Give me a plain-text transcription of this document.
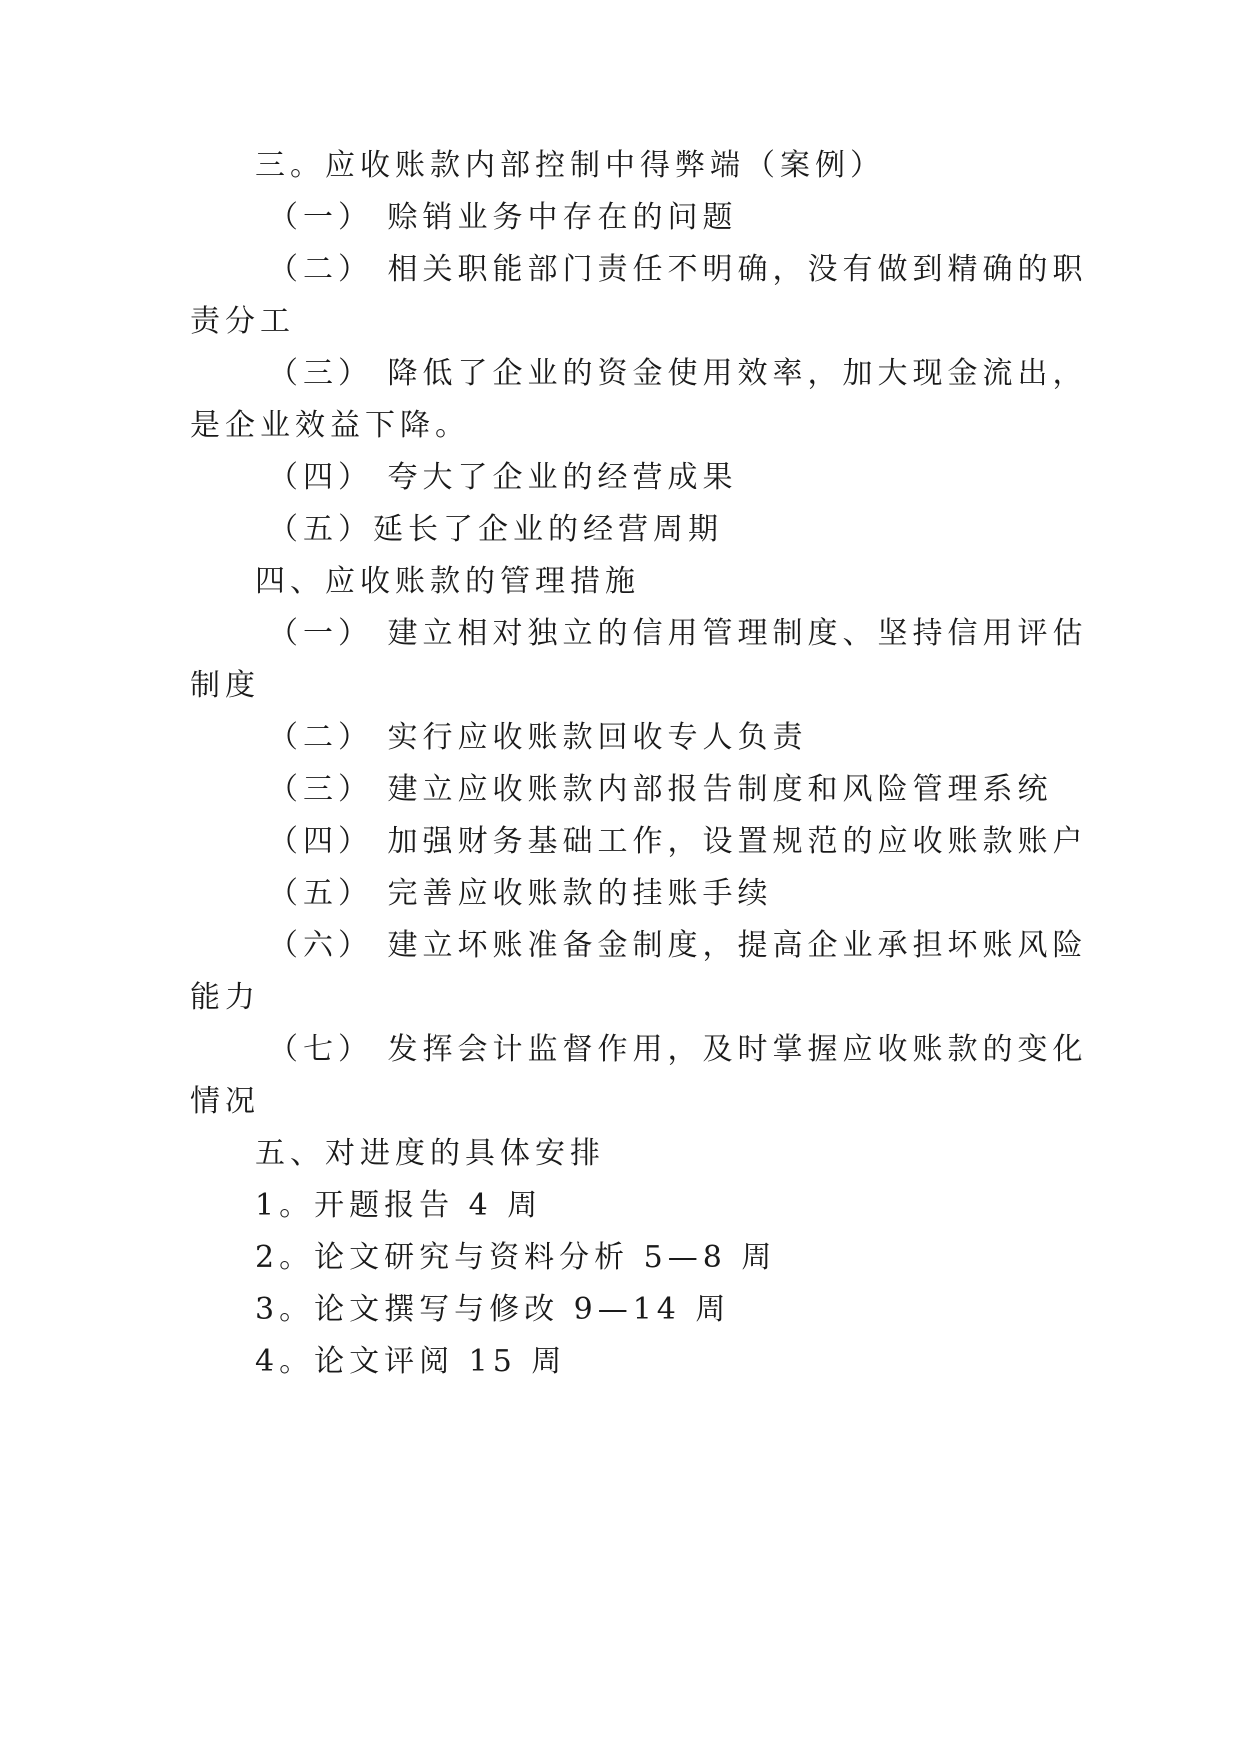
三。应收账款内部控制中得弊端（案例）
（一） 赊销业务中存在的问题
（二） 相关职能部门责任不明确，没有做到精确的职
责分工
（三） 降低了企业的资金使用效率，加大现金流出，
是企业效益下降。
（四） 夸大了企业的经营成果
（五）延长了企业的经营周期
四、应收账款的管理措施
（一） 建立相对独立的信用管理制度、坚持信用评估
制度
（二） 实行应收账款回收专人负责
（三） 建立应收账款内部报告制度和风险管理系统
（四） 加强财务基础工作，设置规范的应收账款账户
（五） 完善应收账款的挂账手续
（六） 建立坏账准备金制度，提高企业承担坏账风险
能力
（七） 发挥会计监督作用，及时掌握应收账款的变化
情况
五、对进度的具体安排
1。开题报告 4 周
2。论文研究与资料分析 5—8 周
3。论文撰写与修改 9—14 周
4。论文评阅 15 周
